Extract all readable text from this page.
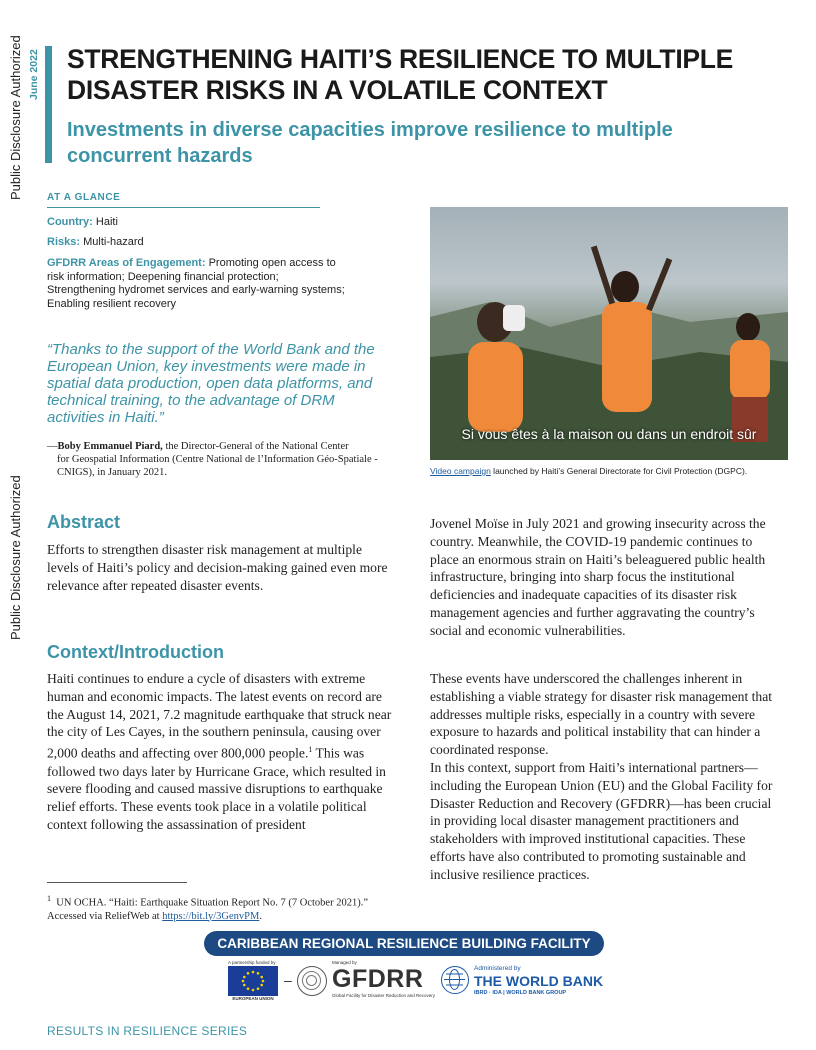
Public Disclosure Authorized
Public Disclosure Authorized
June 2022 STRENGTHENING HAITI’S RESILIENCE TO MULTIPLE DISASTER RISKS IN A VOLATILE CONTEXT
Investments in diverse capacities improve resilience to multiple concurrent hazards
AT A GLANCE
Country: Haiti
Risks: Multi-hazard
GFDRR Areas of Engagement: Promoting open access to risk information; Deepening financial protection; Strengthening hydromet services and early-warning systems; Enabling resilient recovery

“Thanks to the support of the World Bank and the European Union, key investments were made in spatial data production, open data platforms, and technical training, to the advantage of DRM activities in Haiti.”

—Boby Emmanuel Piard, the Director-General of the National Center
for Geospatial Information (Centre National de l’Information Géo-Spatiale - CNIGS), in January 2021.
Si vous êtes à la maison ou dans un endroit sûr
Video campaign launched by Haiti’s General Directorate for Civil Protection (DGPC).
Abstract

Efforts to strengthen disaster risk management at multiple levels of Haiti’s policy and decision-making gained even more relevance after repeated disaster events.

Context/Introduction

Haiti continues to endure a cycle of disasters with extreme human and economic impacts. The latest events on record are the August 14, 2021, 7.2 magnitude earthquake that struck near the city of Les Cayes, in the southern peninsula, causing over 2,000 deaths and affecting over 800,000 people.$^1$ This was followed two days later by Hurricane Grace, which resulted in severe flooding and caused massive disruptions to earthquake relief efforts. These events took place in a volatile political context following the assassination of president

Jovenel Moïse in July 2021 and growing insecurity across the country. Meanwhile, the COVID-19 pandemic continues to place an enormous strain on Haiti’s beleaguered public health infrastructure, bringing into sharp focus the institutional deficiencies and inadequate capacities of its disaster risk management agencies and further aggravating the country’s social and economic vulnerabilities.

These events have underscored the challenges inherent in establishing a viable strategy for disaster risk management that addresses multiple risks, especially in a country with severe exposure to hazards and political instability that can hinder a coordinated response.
In this context, support from Haiti’s international partners—including the European Union (EU) and the Global Facility for Disaster Reduction and Recovery (GFDRR)—has been crucial in providing local disaster management practitioners and stakeholders with improved institutional capacities. These efforts have also contributed to promoting sustainable and inclusive resilience practices.
$^1$ UN OCHA. “Haiti: Earthquake Situation Report No. 7 (7 October 2021).” Accessed via ReliefWeb at https://bit.ly/3GenvPM.
CARIBBEAN REGIONAL RESILIENCE BUILDING FACILITY
A partnership funded by
EUROPEAN UNION
–
Managed by
GFDRR
Global Facility for Disaster Reduction and Recovery
Administered by
THE WORLD BANK
IBRD · IDA | WORLD BANK GROUP
RESULTS IN RESILIENCE SERIES
